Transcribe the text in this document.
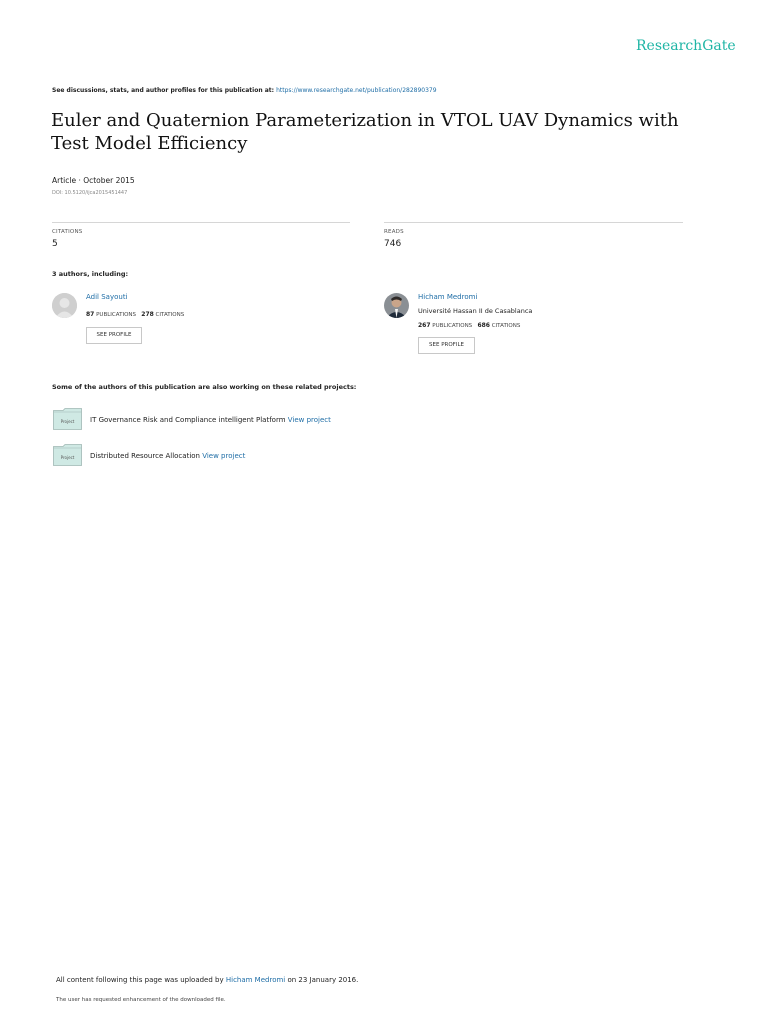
ResearchGate
See discussions, stats, and author profiles for this publication at: https://www.researchgate.net/publication/282890379
Euler and Quaternion Parameterization in VTOL UAV Dynamics with Test Model Efficiency
Article · October 2015
DOI: 10.5120/ijca2015451447
CITATIONS
5
READS
746
3 authors, including:
Adil Sayouti
87 PUBLICATIONS 278 CITATIONS
SEE PROFILE
Hicham Medromi
Université Hassan II de Casablanca
267 PUBLICATIONS 686 CITATIONS
SEE PROFILE
Some of the authors of this publication are also working on these related projects:
Project IT Governance Risk and Compliance intelligent Platform View project
Project Distributed Resource Allocation View project
All content following this page was uploaded by Hicham Medromi on 23 January 2016.
The user has requested enhancement of the downloaded file.
